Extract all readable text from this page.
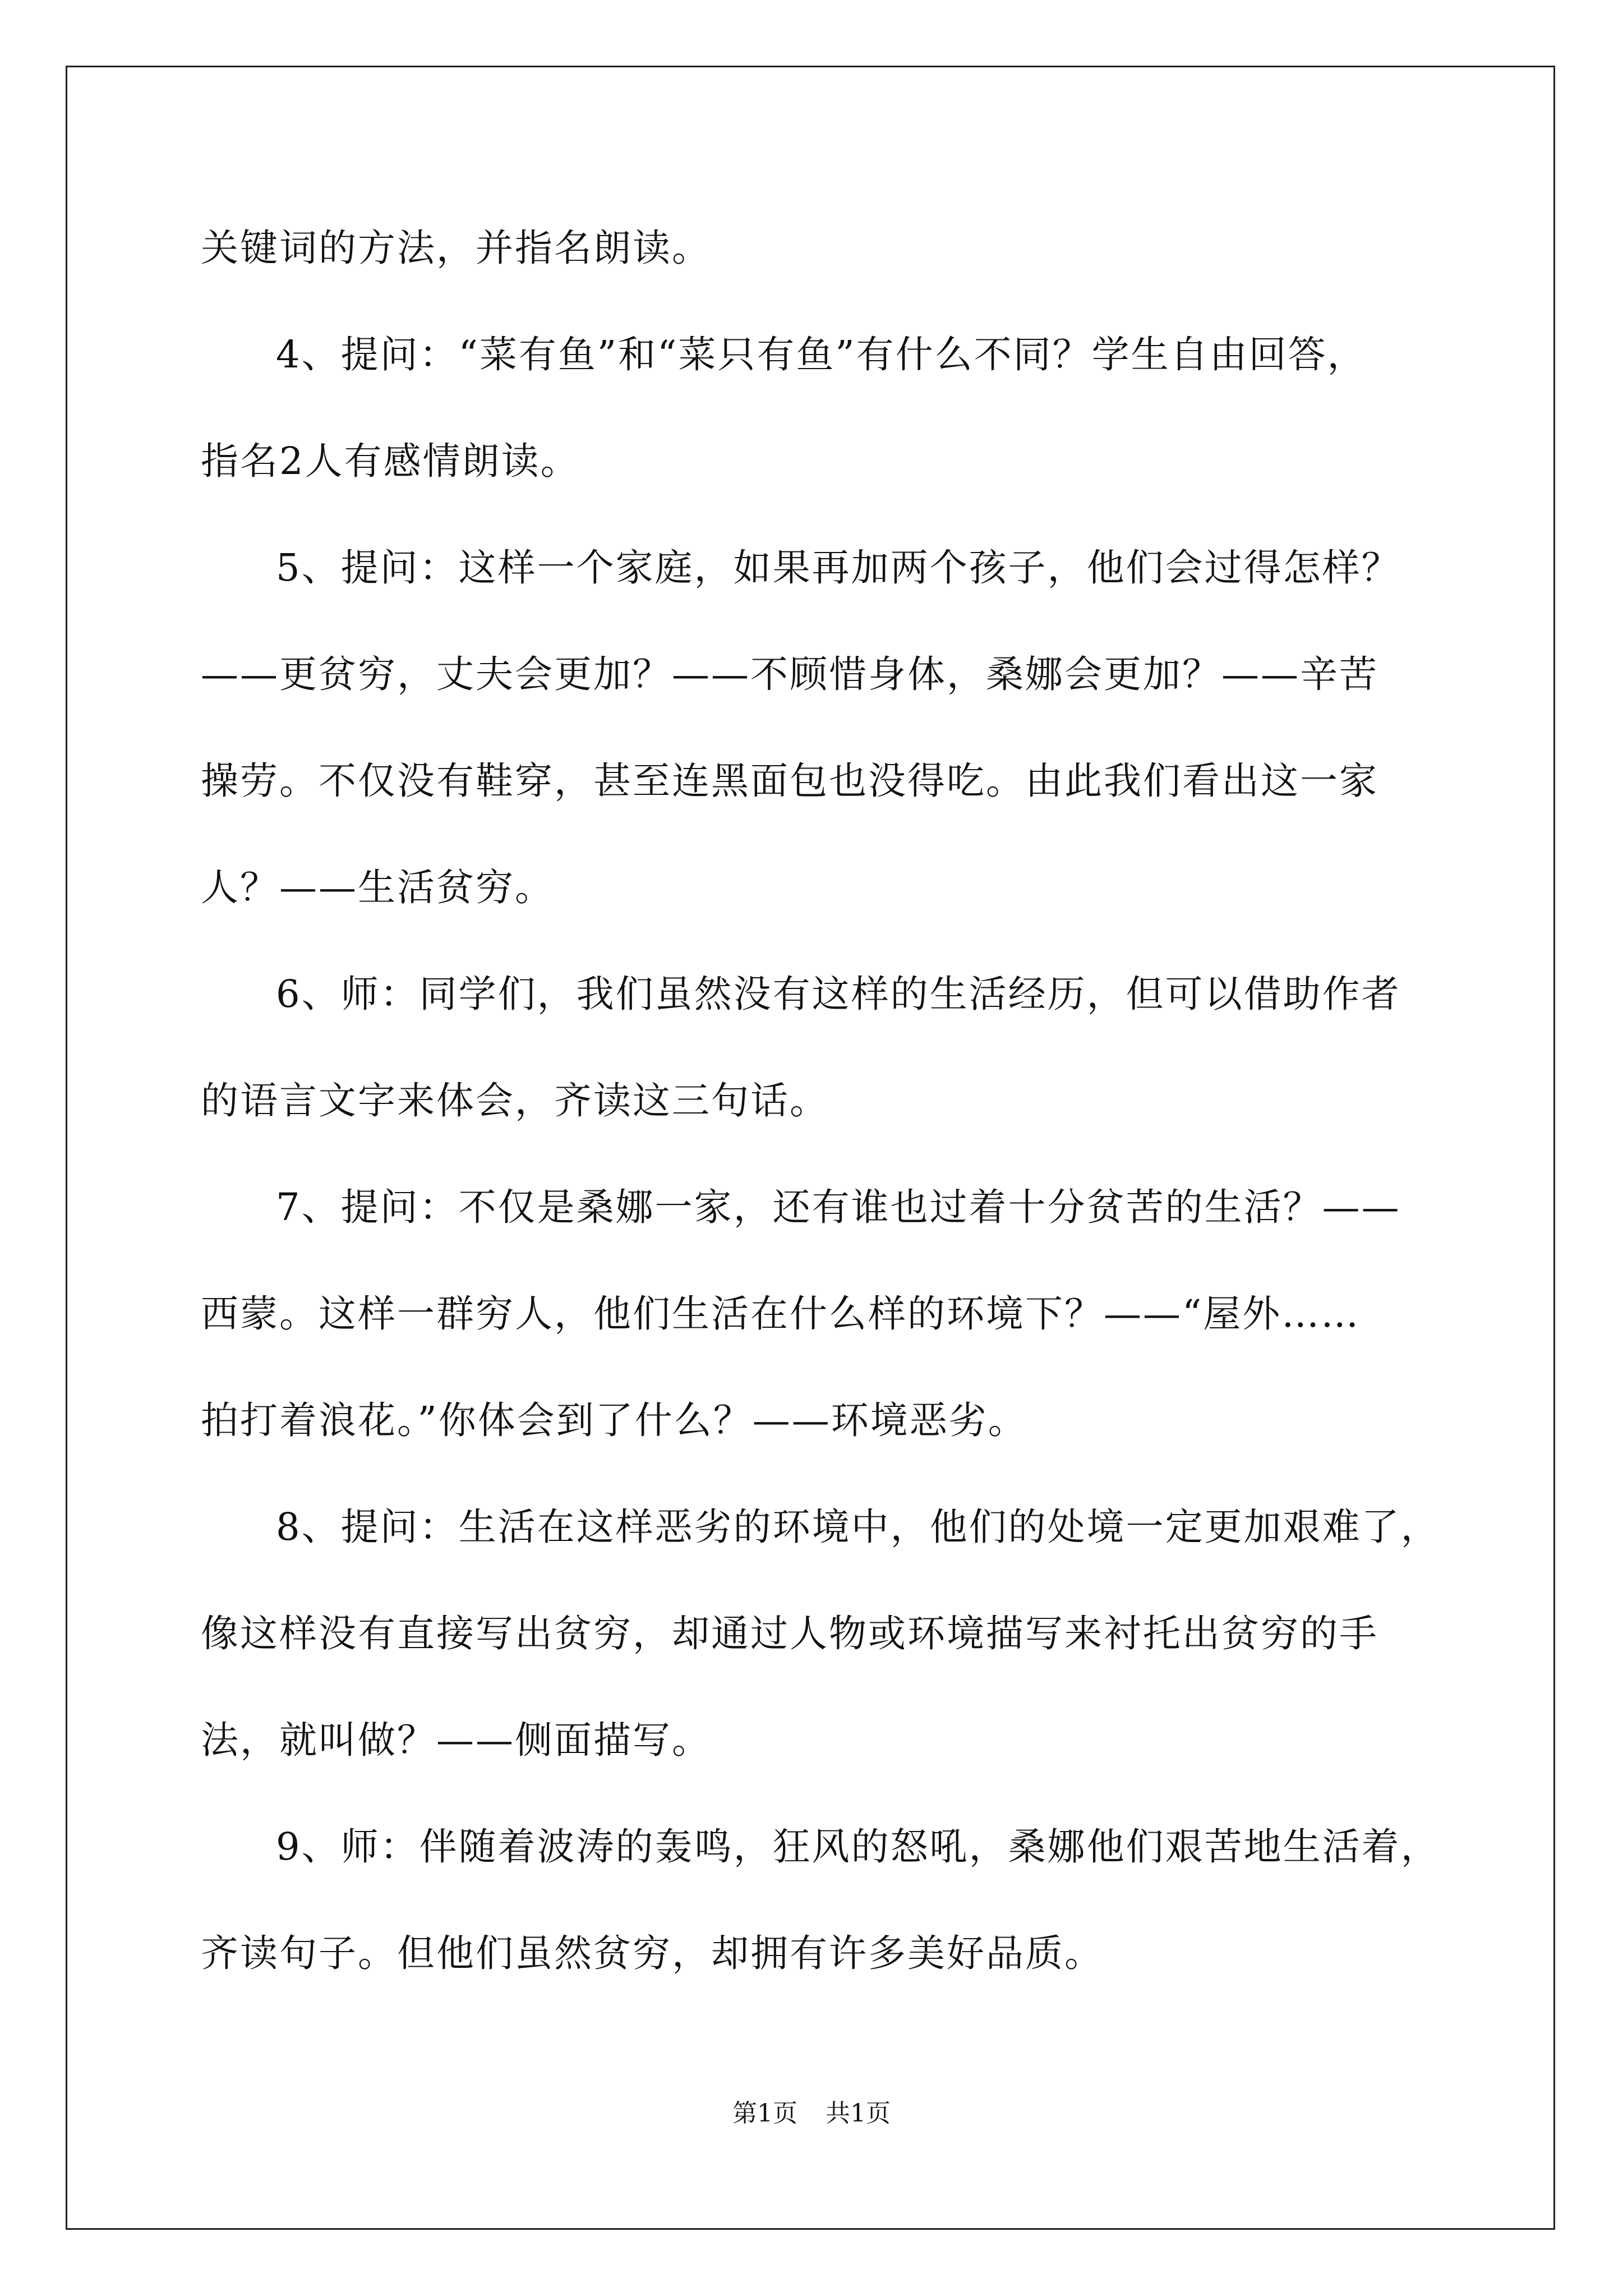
关键词的方法，并指名朗读。
4、提问：“菜有鱼”和“菜只有鱼”有什么不同？学生自由回答，
指名2人有感情朗读。
5、提问：这样一个家庭，如果再加两个孩子，他们会过得怎样？
——更贫穷，丈夫会更加？——不顾惜身体，桑娜会更加？——辛苦
操劳。不仅没有鞋穿，甚至连黑面包也没得吃。由此我们看出这一家
人？——生活贫穷。
6、师：同学们，我们虽然没有这样的生活经历，但可以借助作者
的语言文字来体会，齐读这三句话。
7、提问：不仅是桑娜一家，还有谁也过着十分贫苦的生活？——
西蒙。这样一群穷人，他们生活在什么样的环境下？——“屋外……
拍打着浪花。”你体会到了什么？——环境恶劣。
8、提问：生活在这样恶劣的环境中，他们的处境一定更加艰难了，
像这样没有直接写出贫穷，却通过人物或环境描写来衬托出贫穷的手
法，就叫做？——侧面描写。
9、师：伴随着波涛的轰鸣，狂风的怒吼，桑娜他们艰苦地生活着，
齐读句子。但他们虽然贫穷，却拥有许多美好品质。
第1页 共1页
